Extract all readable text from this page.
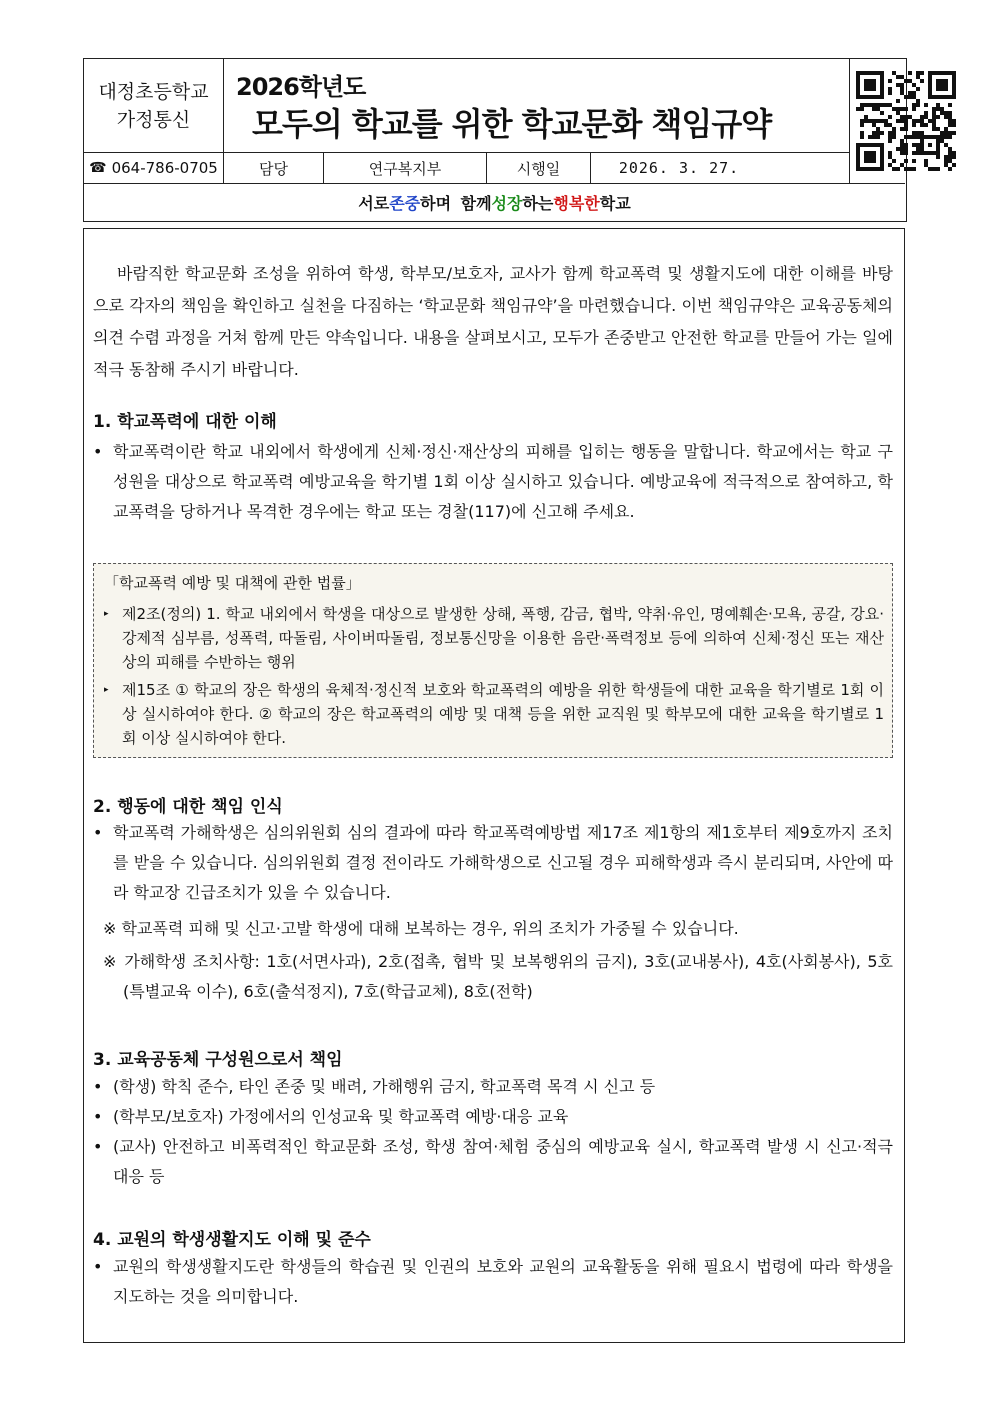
대정초등학교
가정통신
2026학년도
모두의 학교를 위한 학교문화 책임규약
☎ 064-786-0705	담당	연구복지부	시행일	2026. 3. 27.
서로 존중 하며 함께 성장 하는 행복한 학교

바람직한 학교문화 조성을 위하여 학생, 학부모/보호자, 교사가 함께 학교폭력 및 생활지도에 대한 이해를 바탕으로 각자의 책임을 확인하고 실천을 다짐하는 ‘학교문화 책임규약’을 마련했습니다. 이번 책임규약은 교육공동체의 의견 수렴 과정을 거쳐 함께 만든 약속입니다. 내용을 살펴보시고, 모두가 존중받고 안전한 학교를 만들어 가는 일에 적극 동참해 주시기 바랍니다.

1. 학교폭력에 대한 이해

• 학교폭력이란 학교 내외에서 학생에게 신체·정신·재산상의 피해를 입히는 행동을 말합니다. 학교에서는 학교 구성원을 대상으로 학교폭력 예방교육을 학기별 1회 이상 실시하고 있습니다. 예방교육에 적극적으로 참여하고, 학교폭력을 당하거나 목격한 경우에는 학교 또는 경찰(117)에 신고해 주세요.

「학교폭력 예방 및 대책에 관한 법률」

▸ 제2조(정의) 1. 학교 내외에서 학생을 대상으로 발생한 상해, 폭행, 감금, 협박, 약취·유인, 명예훼손·모욕, 공갈, 강요·강제적 심부름, 성폭력, 따돌림, 사이버따돌림, 정보통신망을 이용한 음란·폭력정보 등에 의하여 신체·정신 또는 재산상의 피해를 수반하는 행위

▸ 제15조 ① 학교의 장은 학생의 육체적·정신적 보호와 학교폭력의 예방을 위한 학생들에 대한 교육을 학기별로 1회 이상 실시하여야 한다. ② 학교의 장은 학교폭력의 예방 및 대책 등을 위한 교직원 및 학부모에 대한 교육을 학기별로 1회 이상 실시하여야 한다.

2. 행동에 대한 책임 인식

• 학교폭력 가해학생은 심의위원회 심의 결과에 따라 학교폭력예방법 제17조 제1항의 제1호부터 제9호까지 조치를 받을 수 있습니다. 심의위원회 결정 전이라도 가해학생으로 신고될 경우 피해학생과 즉시 분리되며, 사안에 따라 학교장 긴급조치가 있을 수 있습니다.

※ 학교폭력 피해 및 신고·고발 학생에 대해 보복하는 경우, 위의 조치가 가중될 수 있습니다.

※ 가해학생 조치사항: 1호(서면사과), 2호(접촉, 협박 및 보복행위의 금지), 3호(교내봉사), 4호(사회봉사), 5호(특별교육 이수), 6호(출석정지), 7호(학급교체), 8호(전학)

3. 교육공동체 구성원으로서 책임

• (학생) 학칙 준수, 타인 존중 및 배려, 가해행위 금지, 학교폭력 목격 시 신고 등

• (학부모/보호자) 가정에서의 인성교육 및 학교폭력 예방·대응 교육

• (교사) 안전하고 비폭력적인 학교문화 조성, 학생 참여·체험 중심의 예방교육 실시, 학교폭력 발생 시 신고·적극 대응 등

4. 교원의 학생생활지도 이해 및 준수

• 교원의 학생생활지도란 학생들의 학습권 및 인권의 보호와 교원의 교육활동을 위해 필요시 법령에 따라 학생을 지도하는 것을 의미합니다.
